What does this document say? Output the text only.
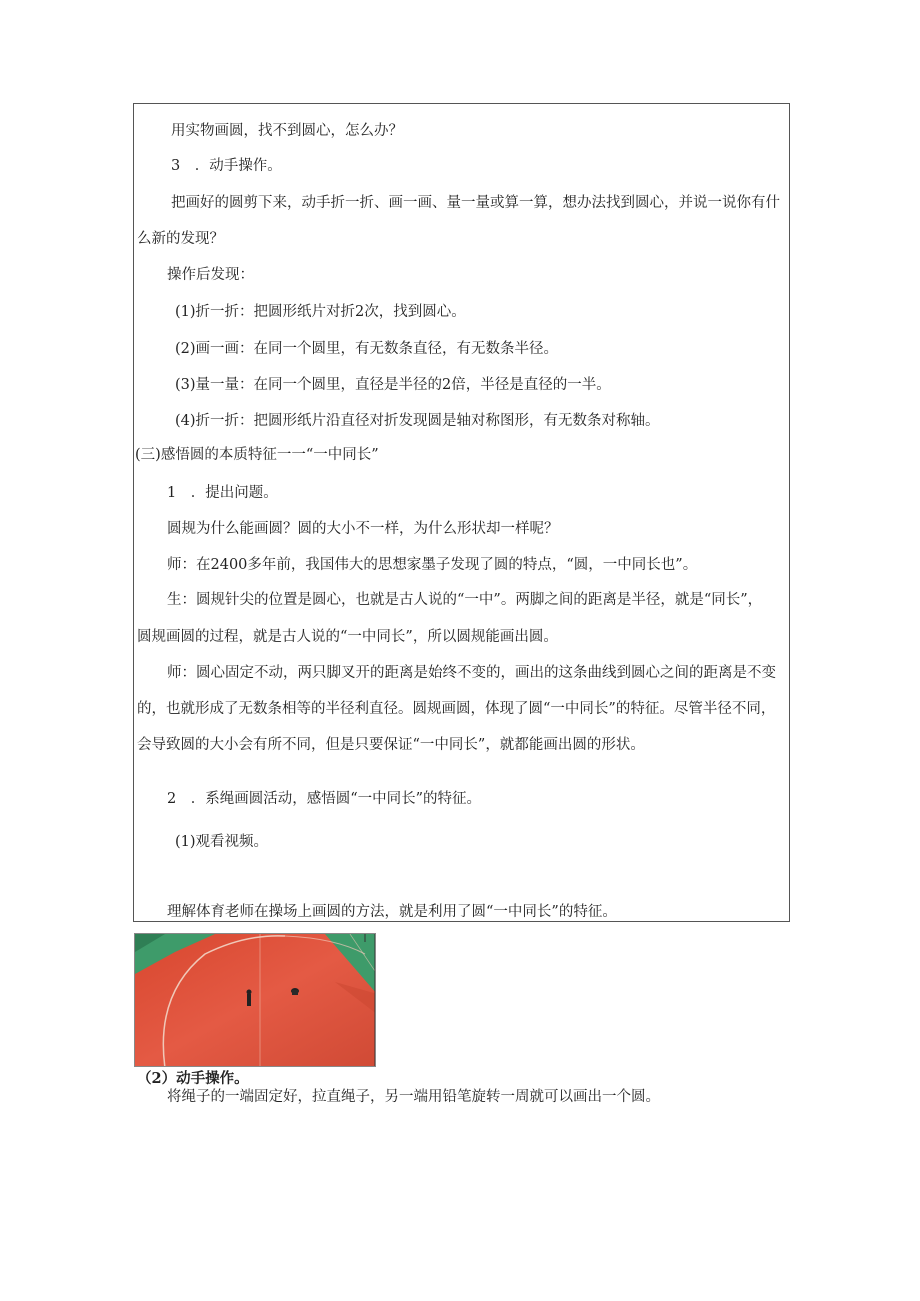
用实物画圆，找不到圆心，怎么办？
3　．动手操作。
把画好的圆剪下来，动手折一折、画一画、量一量或算一算，想办法找到圆心，并说一说你有什
么新的发现？
操作后发现：
(1)折一折：把圆形纸片对折2次，找到圆心。
(2)画一画：在同一个圆里，有无数条直径，有无数条半径。
(3)量一量：在同一个圆里，直径是半径的2倍，半径是直径的一半。
(4)折一折：把圆形纸片沿直径对折发现圆是轴对称图形，有无数条对称轴。
(三)感悟圆的本质特征一一“一中同长”
1　．提出问题。
圆规为什么能画圆？圆的大小不一样，为什么形状却一样呢？
师：在2400多年前，我国伟大的思想家墨子发现了圆的特点，“圆，一中同长也”。
生：圆规针尖的位置是圆心，也就是古人说的“一中”。两脚之间的距离是半径，就是“同长”，
圆规画圆的过程，就是古人说的“一中同长”，所以圆规能画出圆。
师：圆心固定不动，两只脚叉开的距离是始终不变的，画出的这条曲线到圆心之间的距离是不变
的，也就形成了无数条相等的半径利直径。圆规画圆，体现了圆“一中同长”的特征。尽管半径不同，
会导致圆的大小会有所不同，但是只要保证“一中同长”，就都能画出圆的形状。
2　．系绳画圆活动，感悟圆“一中同长”的特征。
(1)观看视频。
理解体育老师在操场上画圆的方法，就是利用了圆“一中同长”的特征。
（2）动手操作。
将绳子的一端固定好，拉直绳子，另一端用铅笔旋转一周就可以画出一个圆。
